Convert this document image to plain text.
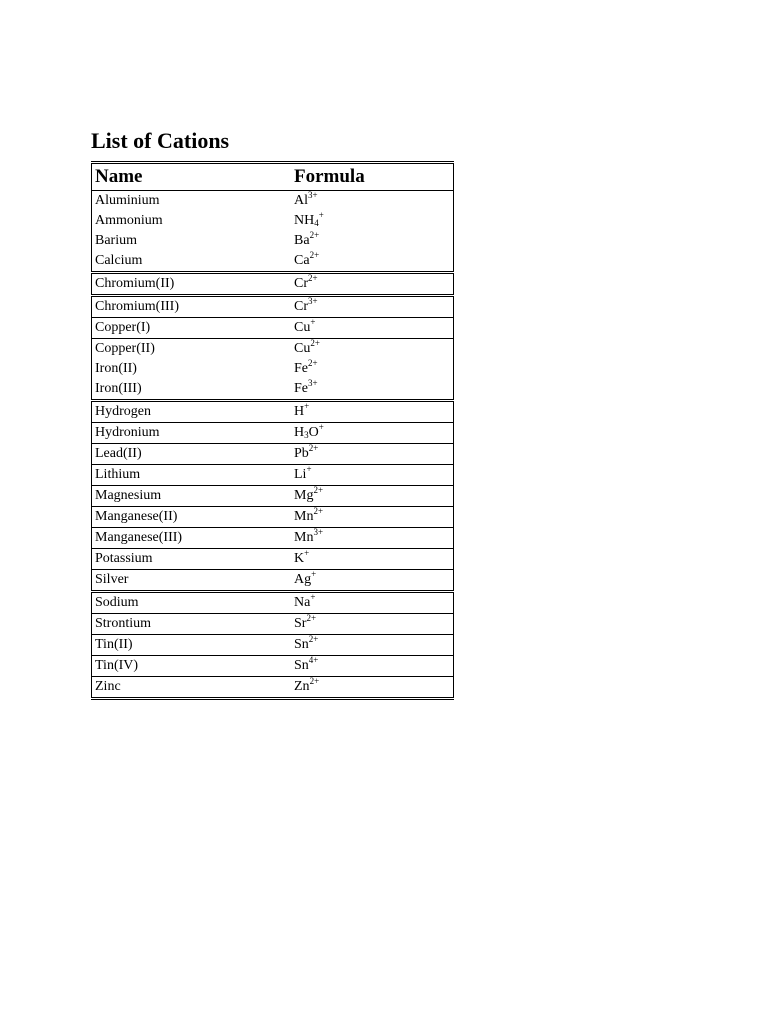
List of Cations
Name	Formula
Aluminium	$Al^{3+}$
Ammonium	$NH_4^+$
Barium	$Ba^{2+}$
Calcium	$Ca^{2+}$
Chromium(II)	$Cr^{2+}$
Chromium(III)	$Cr^{3+}$
Copper(I)	Cu+
Copper(II)	$Cu^{2+}$
Iron(II)	$Fe^{2+}$
Iron(III)	$Fe^{3+}$
Hydrogen	H+
Hydronium	$H_3O^+$
Lead(II)	$Pb^{2+}$
Lithium	Li+
Magnesium	$Mg^{2+}$
Manganese(II)	$Mn^{2+}$
Manganese(III)	$Mn^{3+}$
Potassium	K+
Silver	Ag+
Sodium	Na+
Strontium	$Sr^{2+}$
Tin(II)	$Sn^{2+}$
Tin(IV)	$Sn^{4+}$
Zinc	$Zn^{2+}$
